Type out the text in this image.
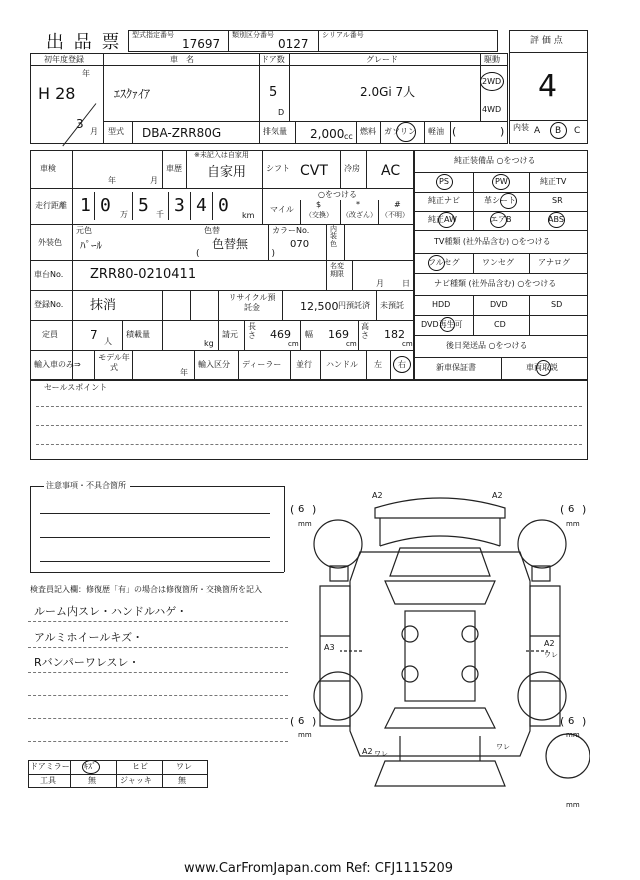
出 品 票 型式指定番号
17697
類別区分番号
0127
シリアル番号
評 価 点
4
内装 A B C
初年度登録
年
H 28
3
月
車　名
ｴｽｸｧｲｱ
ドア数
5
D
グレード
2.0Gi 7人
駆動
2WD
4WD
型式 DBA-ZRR80G	排気量 2,000 cc
燃料 ガソリン 軽油 (	)
車検
年	月
車歴
※未記入は自家用
自家用 シフト CVT 冷房 AC
走行距離 1 0 万 5 千 3 4 0 km
○をつける
マイル
$
（交換）
*
（改ざん）
#
（不明）
外装色
元色
ﾊﾟｰﾙ
色替
色替無
(　　　　　　　　)
カラーNo.
070
内装色
車台No. ZRR80-0210411
名変期限
月 日
登録No. 抹消
リサイクル預託金	12,500 円預託済 未預託
定員	7 人
積載量
kg
請元
長さ 469
cm
幅 169
cm
高さ 182
cm
輸入車のみ⇒
モデル年式
年
輸入区分 ディーラー 並行 ハンドル 左 右
純正装備品 ○をつける
PS	PW	純正TV
純正ナビ	革シート	SR
純正AW	エアB	ABS
TV種類 (社外品含む) ○をつける
フルセグ	ワンセグ	アナログ
ナビ種類 (社外品含む) ○をつける
HDD	DVD	SD
DVD再生可	CD
後日発送品 ○をつける
新車保証書	車両取説
セールスポイント
注意事項・不具合箇所
検査員記入欄：修復歴「有」の場合は修復箇所・交換箇所を記入
ルーム内スレ・ハンドルハゲ・
アルミホイールキズ・
Rバンパーワレスレ・
A2	A2
A3	A2
ワレ
A2 ワレ
ワレ
( 6 )
mm
( 6 )
mm
( 6 )
mm
( 6 )
mm
mm
ドアミラー ｷｽﾞ	ヒビ	ワレ
工具	無	ジャッキ	無
www.CarFromJapan.com Ref: CFJ1115209
